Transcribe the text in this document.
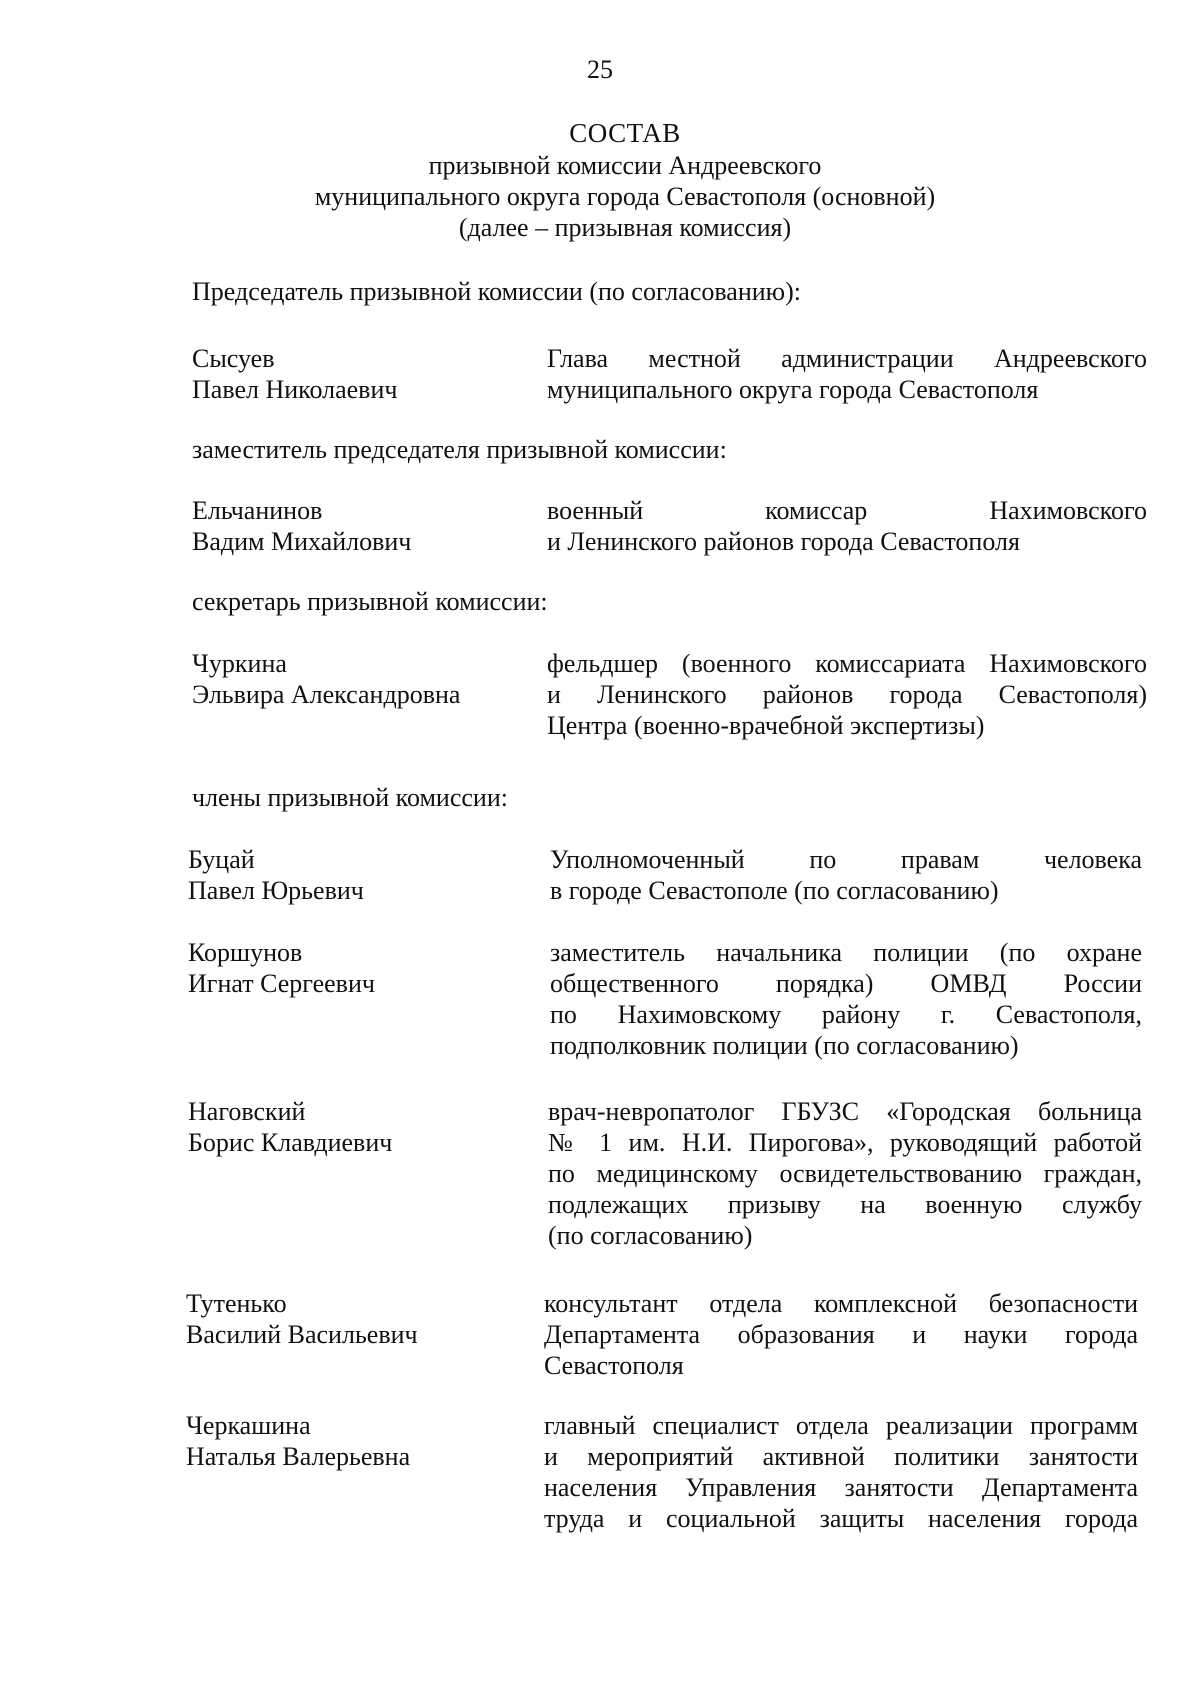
25
СОСТАВ
призывной комиссии Андреевского
муниципального округа города Севастополя (основной)
(далее – призывная комиссия)
Председатель призывной комиссии (по согласованию):
Сысуев
Павел Николаевич
Глава местной администрации Андреевского
муниципального округа города Севастополя
заместитель председателя призывной комиссии:
Ельчанинов
Вадим Михайлович
военный комиссар Нахимовского
и Ленинского районов города Севастополя
секретарь призывной комиссии:
Чуркина
Эльвира Александровна
фельдшер (военного комиссариата Нахимовского
и Ленинского районов города Севастополя)
Центра (военно-врачебной экспертизы)
члены призывной комиссии:
Буцай
Павел Юрьевич
Уполномоченный по правам человека
в городе Севастополе (по согласованию)
Коршунов
Игнат Сергеевич
заместитель начальника полиции (по охране
общественного порядка) ОМВД России
по Нахимовскому району г. Севастополя,
подполковник полиции (по согласованию)
Наговский
Борис Клавдиевич
врач-невропатолог ГБУЗС «Городская больница
№ 1 им. Н.И. Пирогова», руководящий работой
по медицинскому освидетельствованию граждан,
подлежащих призыву на военную службу
(по согласованию)
Тутенько
Василий Васильевич
консультант отдела комплексной безопасности
Департамента образования и науки города
Севастополя
Черкашина
Наталья Валерьевна
главный специалист отдела реализации программ
и мероприятий активной политики занятости
населения Управления занятости Департамента
труда и социальной защиты населения города
